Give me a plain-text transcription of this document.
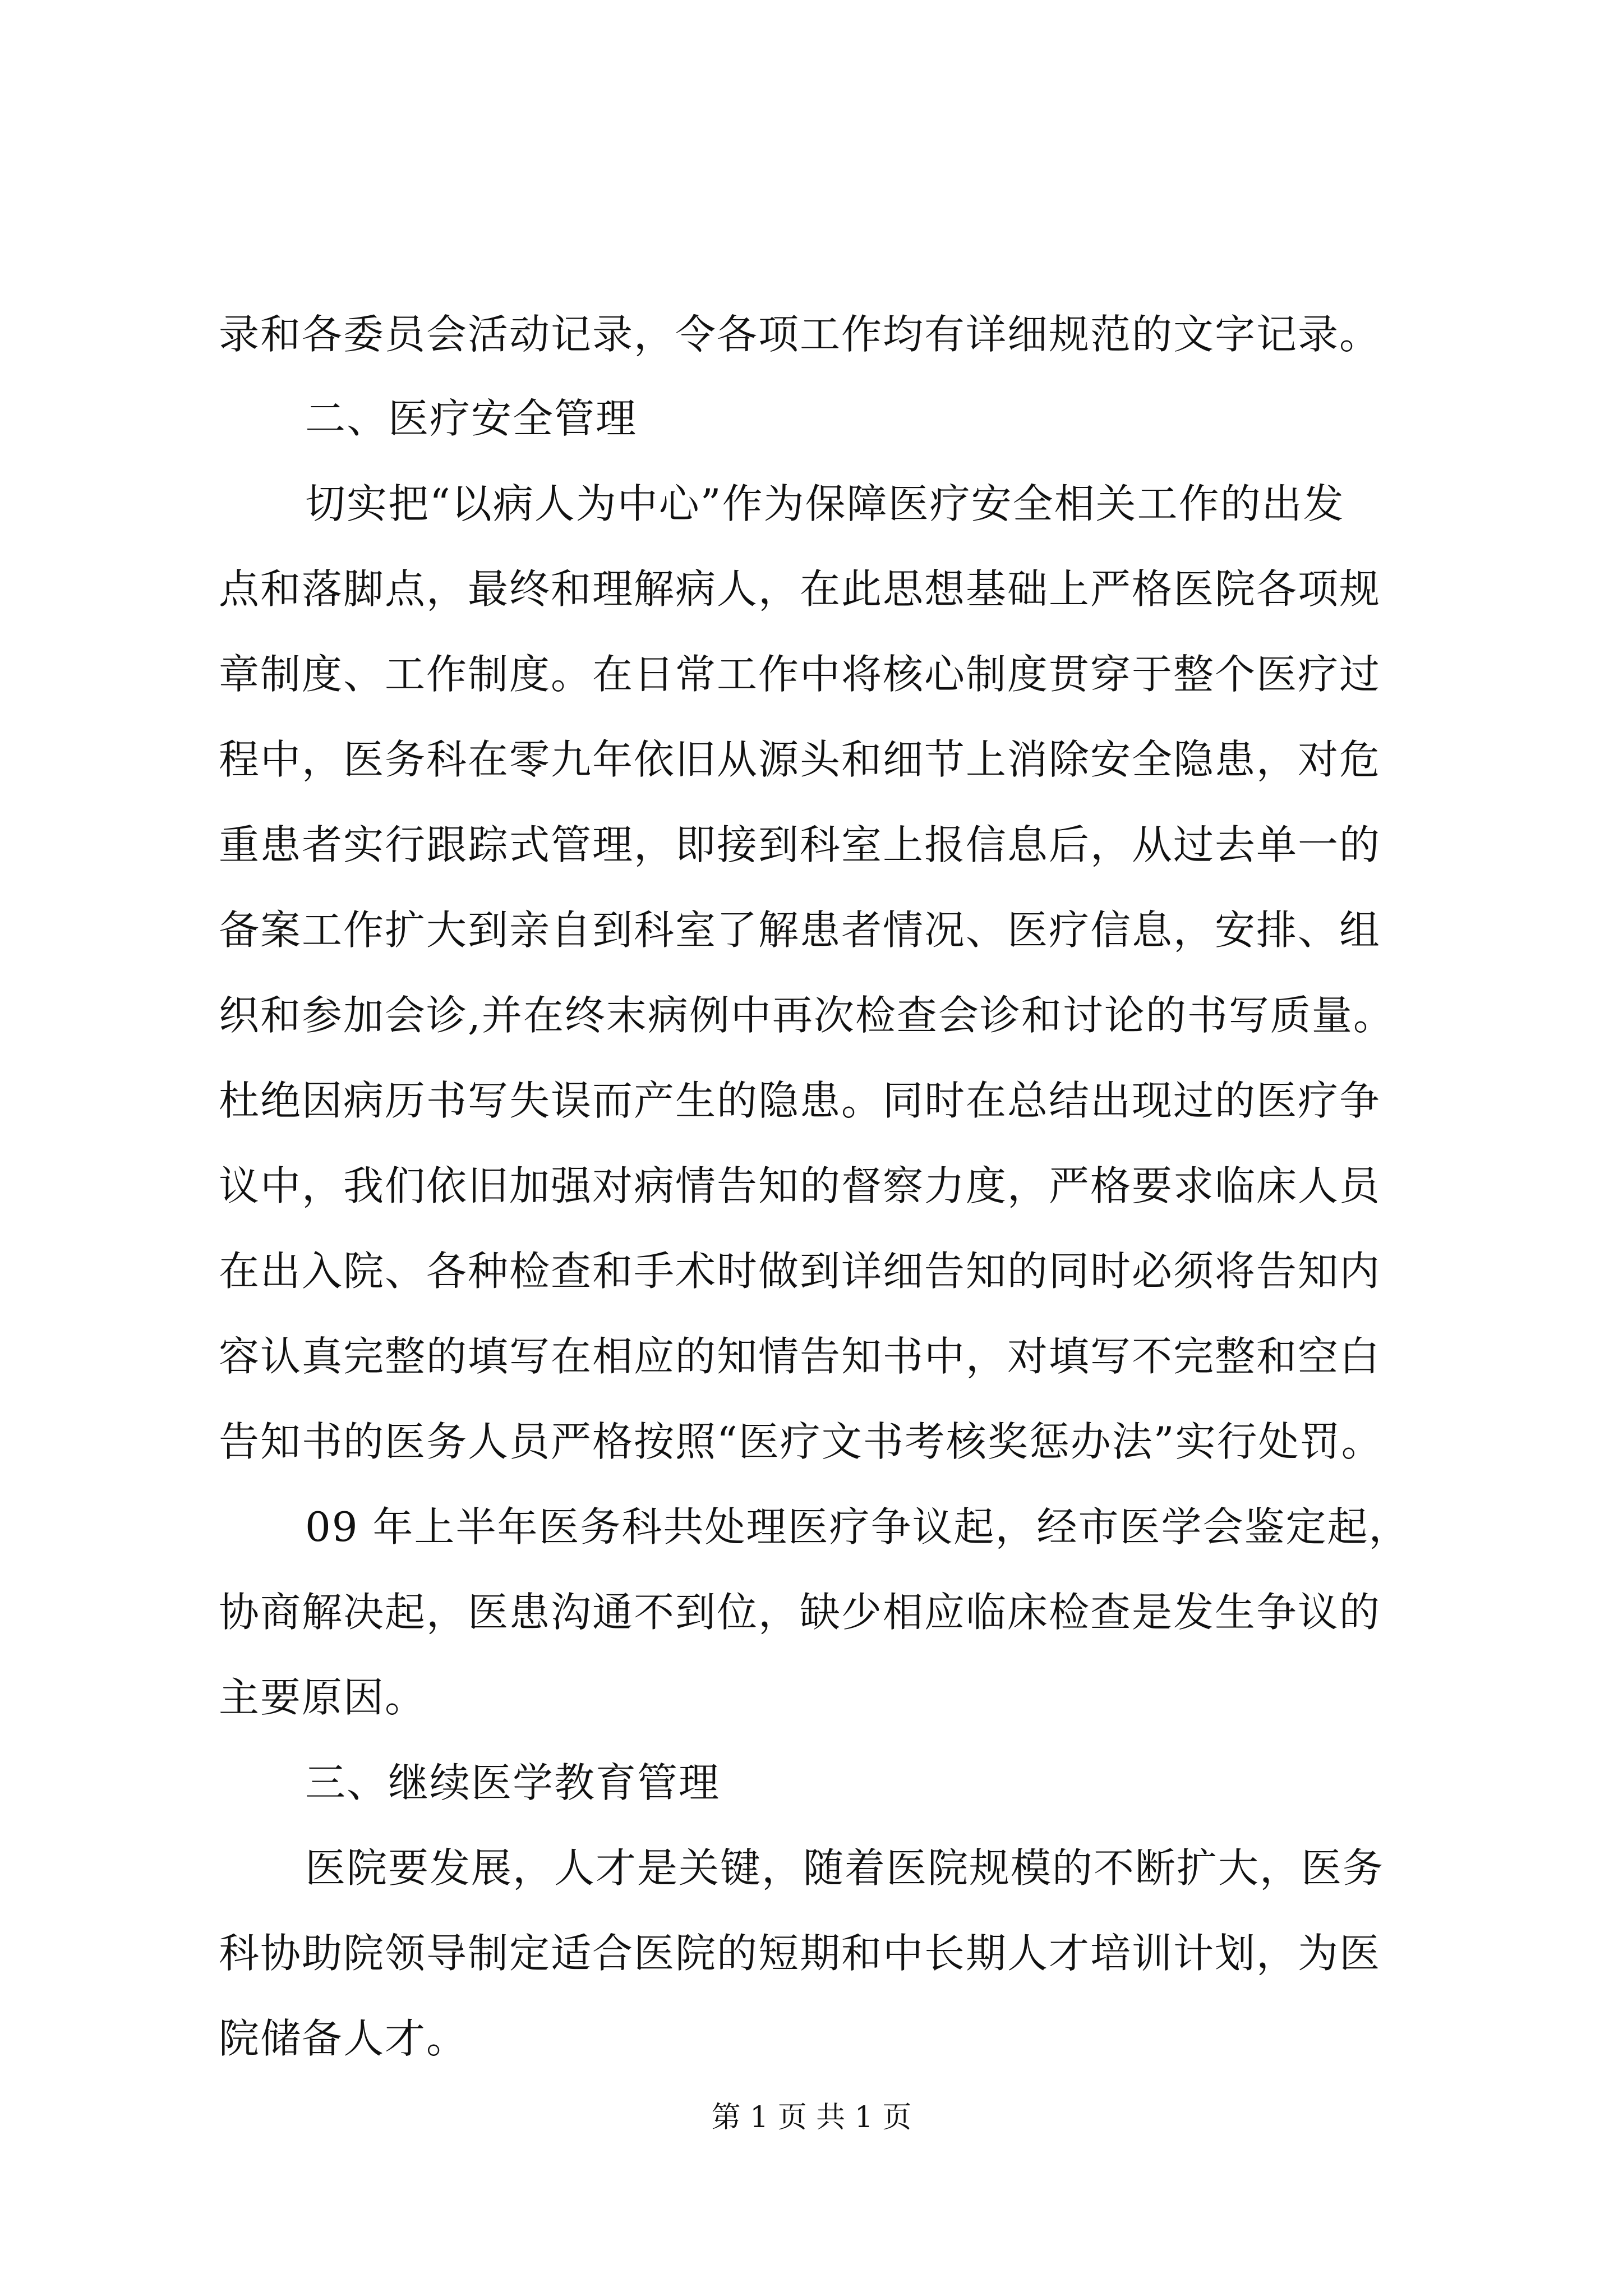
录和各委员会活动记录，令各项工作均有详细规范的文字记录。
二、医疗安全管理
切实把“以病人为中心”作为保障医疗安全相关工作的出发
点和落脚点，最终和理解病人，在此思想基础上严格医院各项规
章制度、工作制度。在日常工作中将核心制度贯穿于整个医疗过
程中，医务科在零九年依旧从源头和细节上消除安全隐患，对危
重患者实行跟踪式管理，即接到科室上报信息后，从过去单一的
备案工作扩大到亲自到科室了解患者情况、医疗信息，安排、组
织和参加会诊,并在终末病例中再次检查会诊和讨论的书写质量。
杜绝因病历书写失误而产生的隐患。同时在总结出现过的医疗争
议中，我们依旧加强对病情告知的督察力度，严格要求临床人员
在出入院、各种检查和手术时做到详细告知的同时必须将告知内
容认真完整的填写在相应的知情告知书中，对填写不完整和空白
告知书的医务人员严格按照“医疗文书考核奖惩办法”实行处罚。
09 年上半年医务科共处理医疗争议起，经市医学会鉴定起，
协商解决起，医患沟通不到位，缺少相应临床检查是发生争议的
主要原因。
三、继续医学教育管理
医院要发展，人才是关键，随着医院规模的不断扩大，医务
科协助院领导制定适合医院的短期和中长期人才培训计划，为医
院储备人才。
第 1 页 共 1 页
